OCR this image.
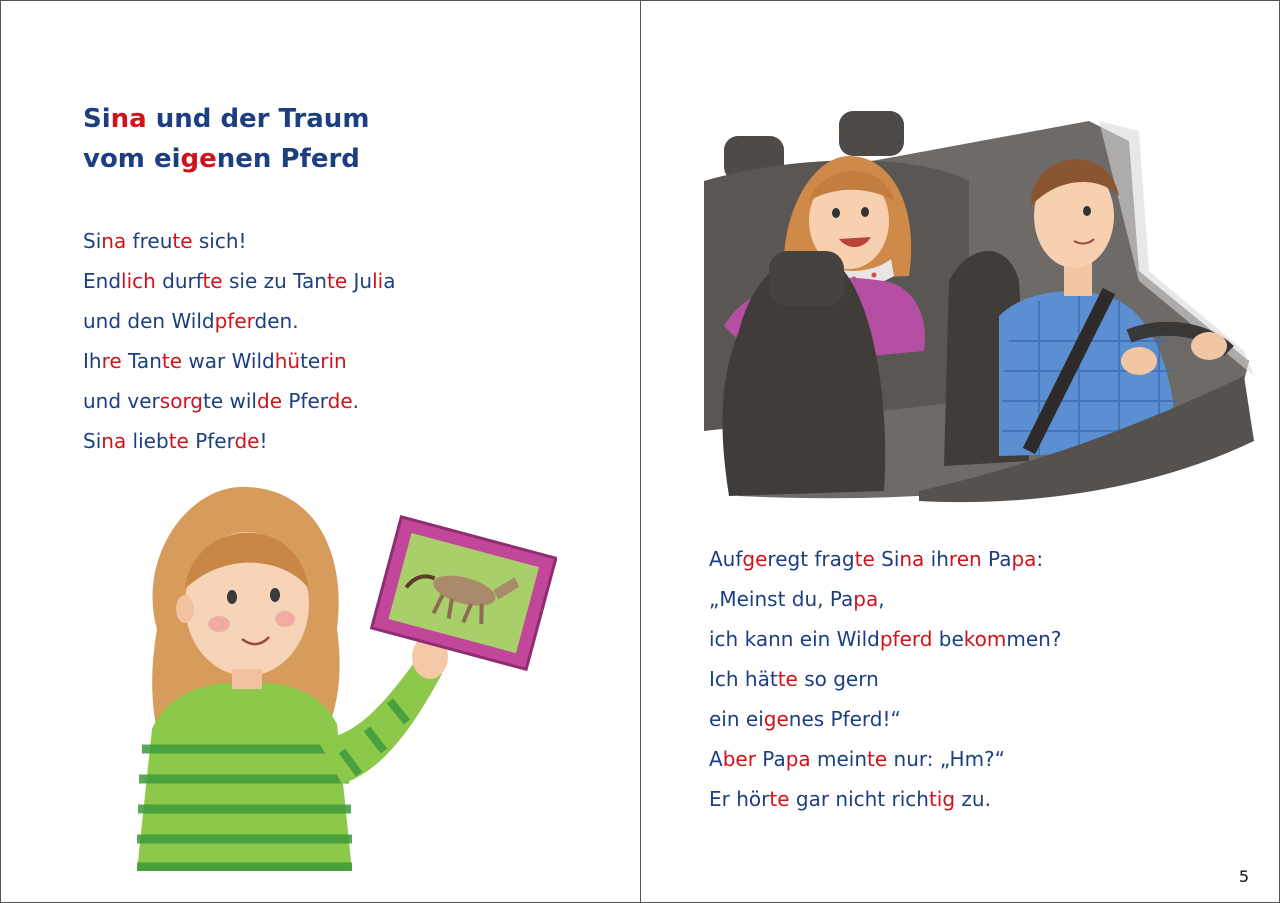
Sina und der Traum
vom eigenen Pferd

Sina freute sich!
Endlich durfte sie zu Tante Julia
und den Wildpferden.
Ihre Tante war Wildhüterin
und versorgte wilde Pferde.
Sina liebte Pferde!

Aufgeregt fragte Sina ihren Papa:
„Meinst du, Papa,
ich kann ein Wildpferd bekommen?
Ich hätte so gern
ein eigenes Pferd!“
Aber Papa meinte nur: „Hm?“
Er hörte gar nicht richtig zu.

5
